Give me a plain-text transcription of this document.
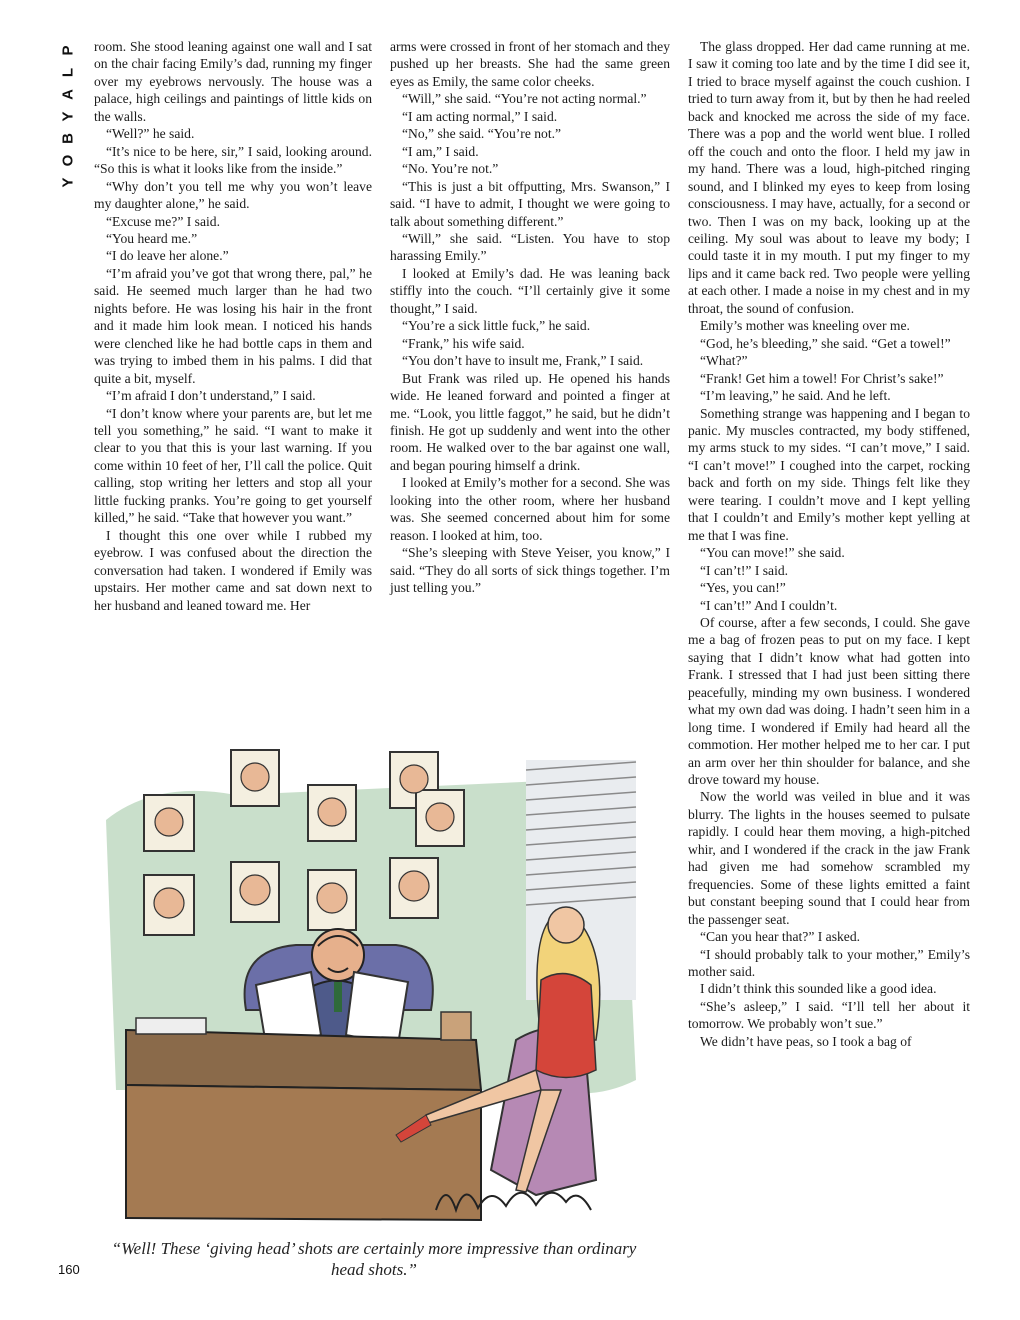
P
L
A
Y
B
O
Y

room. She stood leaning against one wall and I sat on the chair facing Emily’s dad, running my finger over my eyebrows nervously. The house was a palace, high ceilings and paintings of little kids on the walls.

“Well?” he said.

“It’s nice to be here, sir,” I said, looking around. “So this is what it looks like from the inside.”

“Why don’t you tell me why you won’t leave my daughter alone,” he said.

“Excuse me?” I said.

“You heard me.”

“I do leave her alone.”

“I’m afraid you’ve got that wrong there, pal,” he said. He seemed much larger than he had two nights before. He was losing his hair in the front and it made him look mean. I noticed his hands were clenched like he had bottle caps in them and was trying to imbed them in his palms. I did that quite a bit, myself.

“I’m afraid I don’t understand,” I said.

“I don’t know where your parents are, but let me tell you something,” he said. “I want to make it clear to you that this is your last warning. If you come within 10 feet of her, I’ll call the police. Quit calling, stop writing her letters and stop all your little fucking pranks. You’re going to get yourself killed,” he said. “Take that however you want.”

I thought this one over while I rubbed my eyebrow. I was confused about the direction the conversation had taken. I wondered if Emily was upstairs. Her mother came and sat down next to her husband and leaned toward me. Her

arms were crossed in front of her stomach and they pushed up her breasts. She had the same green eyes as Emily, the same color cheeks.

“Will,” she said. “You’re not acting normal.”

“I am acting normal,” I said.

“No,” she said. “You’re not.”

“I am,” I said.

“No. You’re not.”

“This is just a bit offputting, Mrs. Swanson,” I said. “I have to admit, I thought we were going to talk about something different.”

“Will,” she said. “Listen. You have to stop harassing Emily.”

I looked at Emily’s dad. He was leaning back stiffly into the couch. “I’ll certainly give it some thought,” I said.

“You’re a sick little fuck,” he said.

“Frank,” his wife said.

“You don’t have to insult me, Frank,” I said.

But Frank was riled up. He opened his hands wide. He leaned forward and pointed a finger at me. “Look, you little faggot,” he said, but he didn’t finish. He got up suddenly and went into the other room. He walked over to the bar against one wall, and began pouring himself a drink.

I looked at Emily’s mother for a second. She was looking into the other room, where her husband was. She seemed concerned about him for some reason. I looked at him, too.

“She’s sleeping with Steve Yeiser, you know,” I said. “They do all sorts of sick things together. I’m just telling you.”

The glass dropped. Her dad came running at me. I saw it coming too late and by the time I did see it, I tried to brace myself against the couch cushion. I tried to turn away from it, but by then he had reeled back and knocked me across the side of my face. There was a pop and the world went blue. I rolled off the couch and onto the floor. I held my jaw in my hand. There was a loud, high-pitched ringing sound, and I blinked my eyes to keep from losing consciousness. I may have, actually, for a second or two. Then I was on my back, looking up at the ceiling. My soul was about to leave my body; I could taste it in my mouth. I put my finger to my lips and it came back red. Two people were yelling at each other. I made a noise in my chest and in my throat, the sound of confusion.

Emily’s mother was kneeling over me.

“God, he’s bleeding,” she said. “Get a towel!”

“What?”

“Frank! Get him a towel! For Christ’s sake!”

“I’m leaving,” he said. And he left.

Something strange was happening and I began to panic. My muscles contracted, my body stiffened, my arms stuck to my sides. “I can’t move,” I said. “I can’t move!” I coughed into the carpet, rocking back and forth on my side. Things felt like they were tearing. I couldn’t move and I kept yelling that I couldn’t and Emily’s mother kept yelling at me that I was fine.

“You can move!” she said.

“I can’t!” I said.

“Yes, you can!”

“I can’t!” And I couldn’t.

Of course, after a few seconds, I could. She gave me a bag of frozen peas to put on my face. I kept saying that I didn’t know what had gotten into Frank. I stressed that I had just been sitting there peacefully, minding my own business. I wondered what my own dad was doing. I hadn’t seen him in a long time. I wondered if Emily had heard all the commotion. Her mother helped me to her car. I put an arm over her thin shoulder for balance, and she drove toward my house.

Now the world was veiled in blue and it was blurry. The lights in the houses seemed to pulsate rapidly. I could hear them moving, a high-pitched whir, and I wondered if the crack in the jaw Frank had given me had somehow scrambled my frequencies. Some of these lights emitted a faint but constant beeping sound that I could hear from the passenger seat.

“Can you hear that?” I asked.

“I should probably talk to your mother,” Emily’s mother said.

I didn’t think this sounded like a good idea.

“She’s asleep,” I said. “I’ll tell her about it tomorrow. We probably won’t sue.”

We didn’t have peas, so I took a bag of

“Well! These ‘giving head’ shots are certainly more impressive than ordinary head shots.”
160
